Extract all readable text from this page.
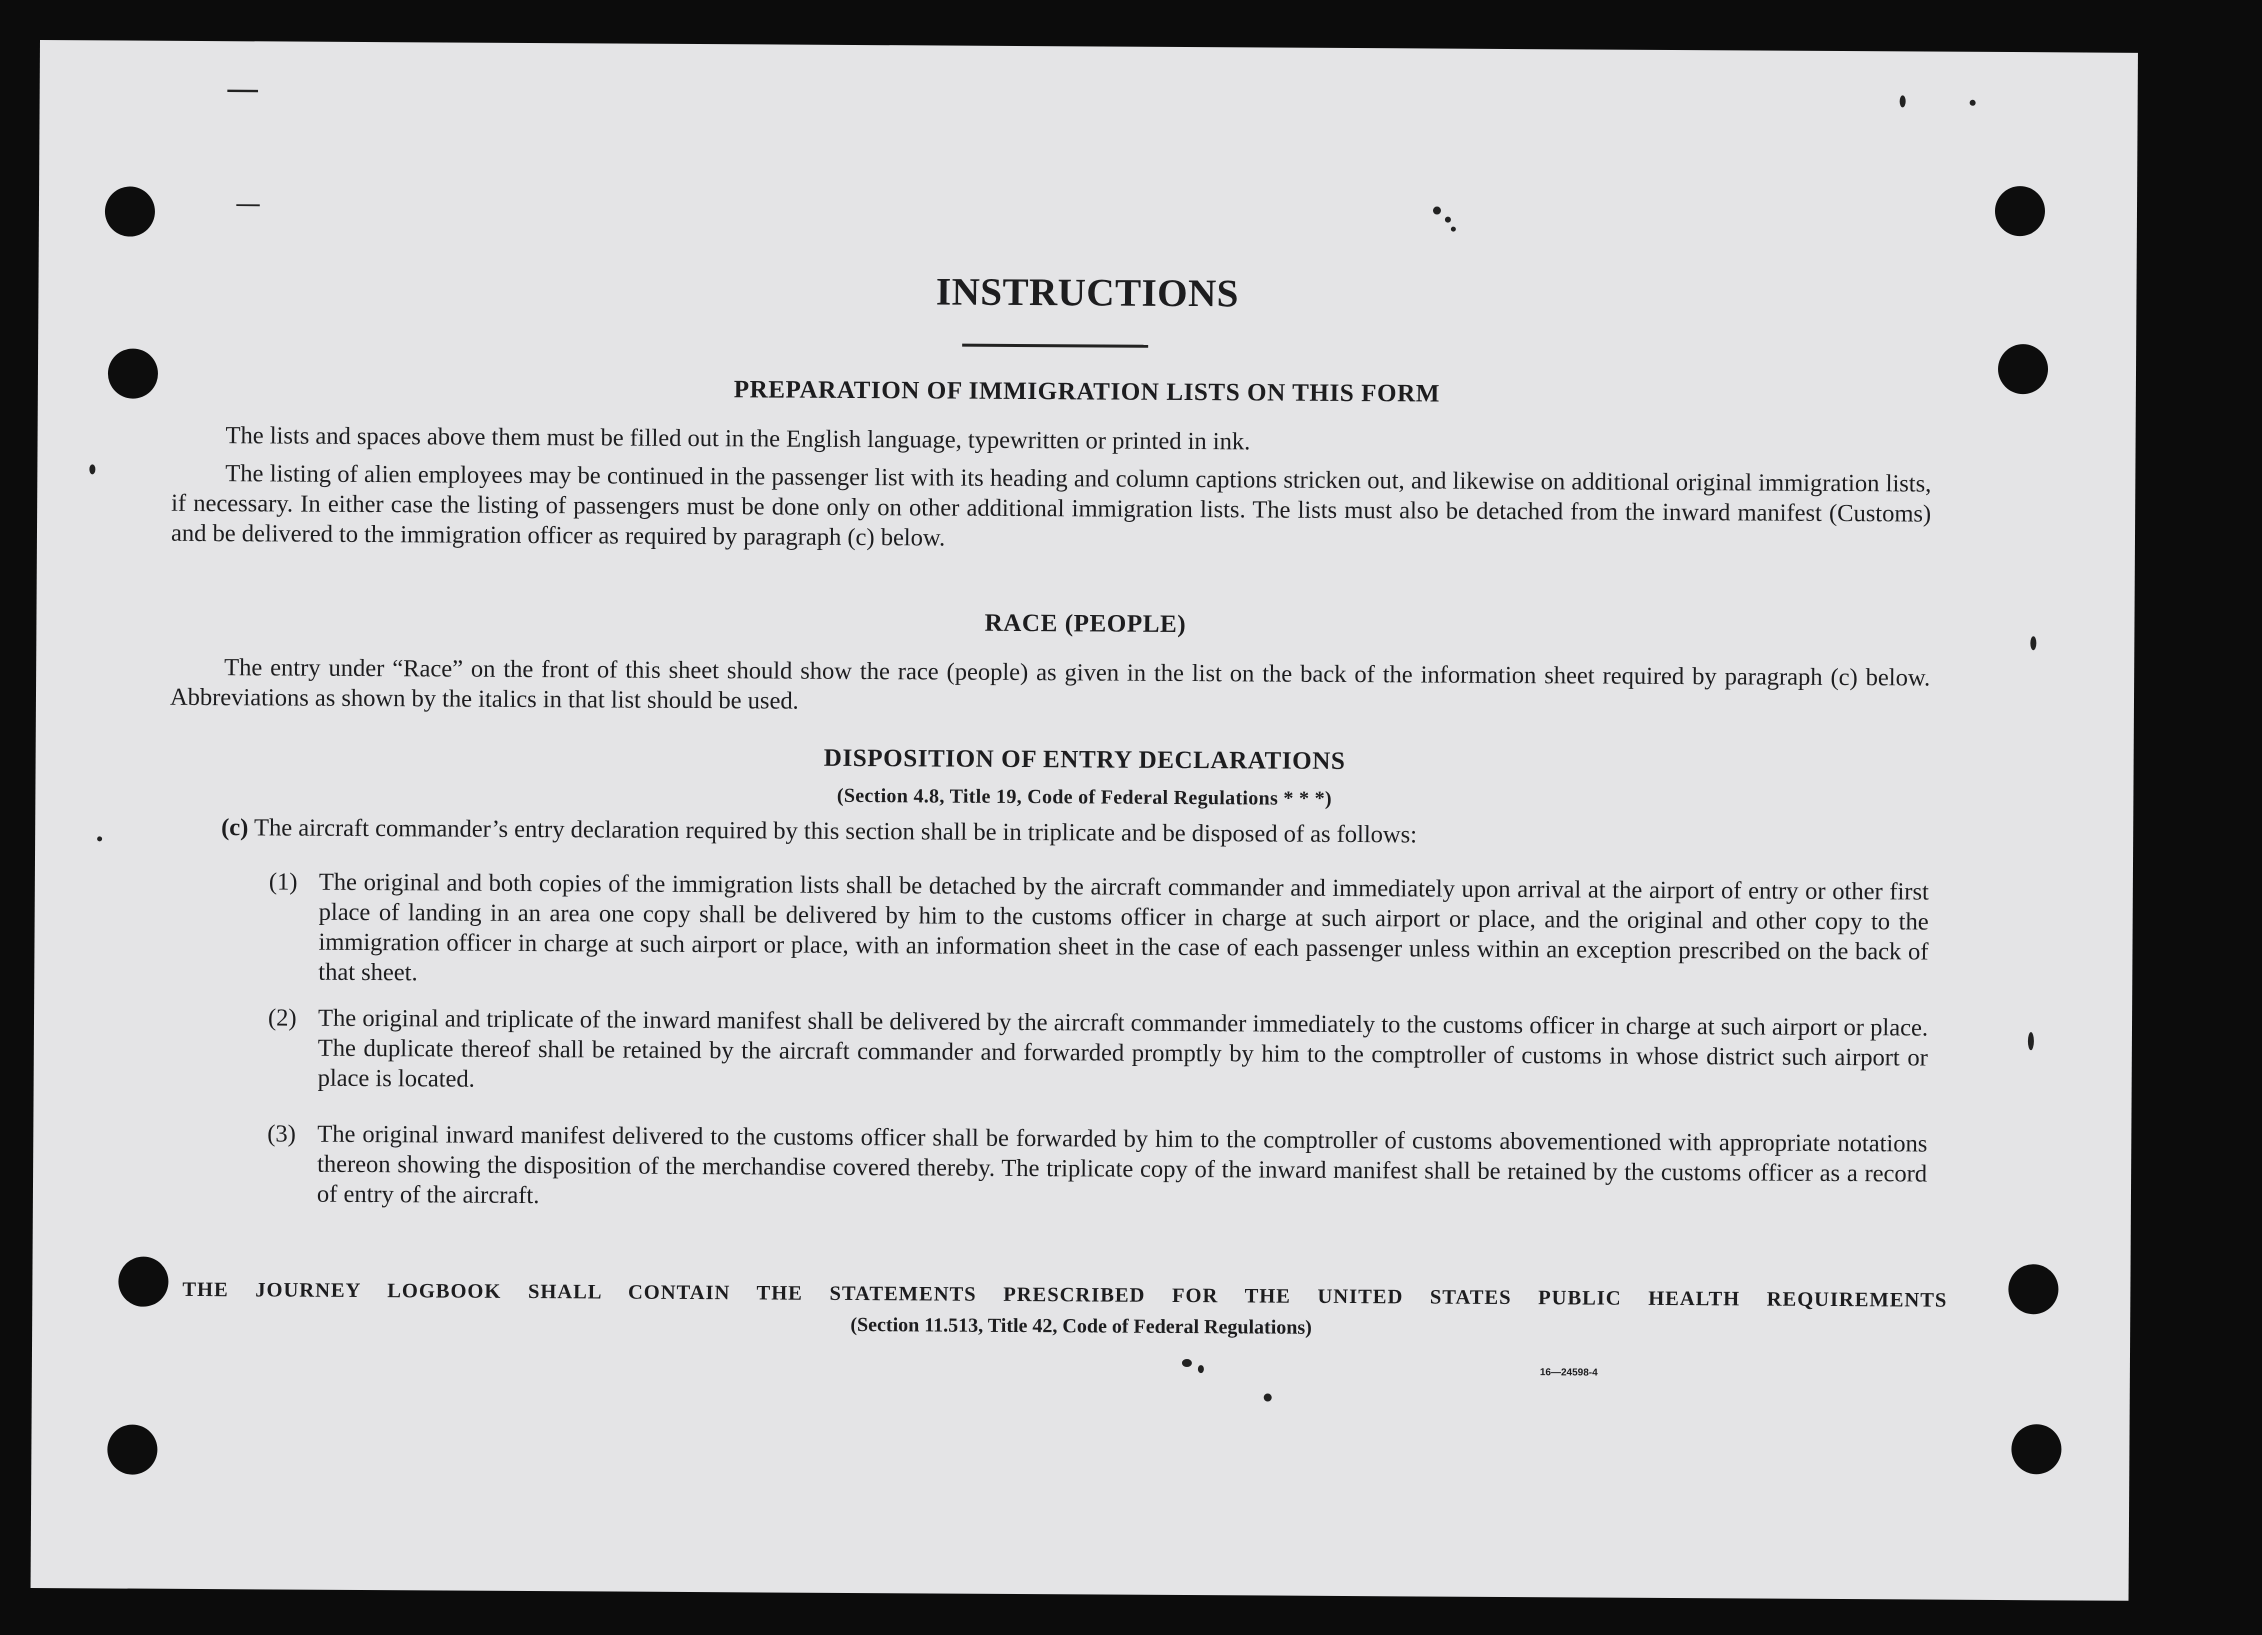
—
—
INSTRUCTIONS
PREPARATION OF IMMIGRATION LISTS ON THIS FORM
The lists and spaces above them must be filled out in the English language, typewritten or printed in ink.
The listing of alien employees may be continued in the passenger list with its heading and column captions stricken out, and likewise on additional original immigration lists, if necessary. In either case the listing of passengers must be done only on other additional immigration lists. The lists must also be detached from the inward manifest (Customs) and be delivered to the immigration officer as required by paragraph (c) below.
RACE (PEOPLE)
The entry under “Race” on the front of this sheet should show the race (people) as given in the list on the back of the information sheet required by paragraph (c) below. Abbreviations as shown by the italics in that list should be used.
DISPOSITION OF ENTRY DECLARATIONS
(Section 4.8, Title 19, Code of Federal Regulations * * *)
(c) The aircraft commander’s entry declaration required by this section shall be in triplicate and be disposed of as follows:
(1) The original and both copies of the immigration lists shall be detached by the aircraft commander and immediately upon arrival at the airport of entry or other first place of landing in an area one copy shall be delivered by him to the customs officer in charge at such airport or place, and the original and other copy to the immigration officer in charge at such airport or place, with an information sheet in the case of each passenger unless within an exception prescribed on the back of that sheet.
(2) The original and triplicate of the inward manifest shall be delivered by the aircraft commander immediately to the customs officer in charge at such airport or place. The duplicate thereof shall be retained by the aircraft commander and forwarded promptly by him to the comptroller of customs in whose district such airport or place is located.
(3) The original inward manifest delivered to the customs officer shall be forwarded by him to the comptroller of customs abovementioned with appropriate notations thereon showing the disposition of the merchandise covered thereby. The triplicate copy of the inward manifest shall be retained by the customs officer as a record of entry of the aircraft.
THE JOURNEY LOGBOOK SHALL CONTAIN THE STATEMENTS PRESCRIBED FOR THE UNITED STATES PUBLIC HEALTH REQUIREMENTS
(Section 11.513, Title 42, Code of Federal Regulations)
16—24598-4
